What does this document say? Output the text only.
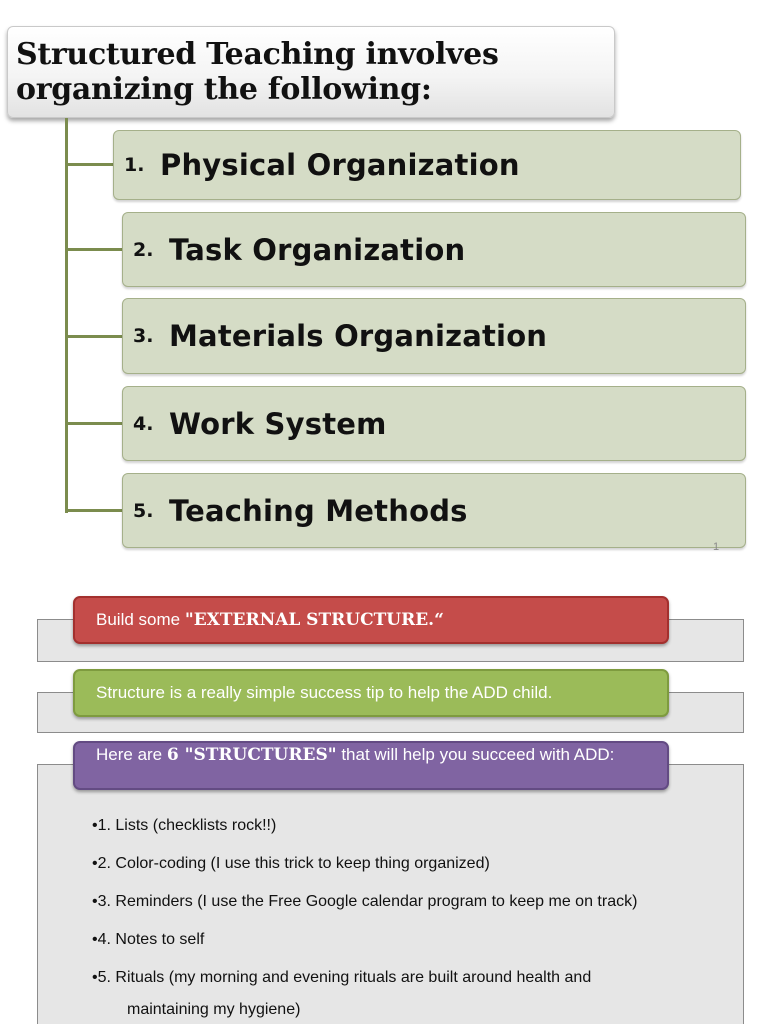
Structured Teaching involves
organizing the following:
1. Physical Organization
2. Task Organization
3. Materials Organization
4. Work System
5. Teaching Methods
1
Build some
"EXTERNAL STRUCTURE.“
Structure is a really simple success tip to help the ADD child.
Here are 6 "STRUCTURES" that will help you succeed with ADD:
•1. Lists (checklists rock!!)
•2. Color-coding (I use this trick to keep thing organized)
•3. Reminders (I use the Free Google calendar program to keep me on track)
•4. Notes to self
•5. Rituals (my morning and evening rituals are built around health and
maintaining my hygiene)
